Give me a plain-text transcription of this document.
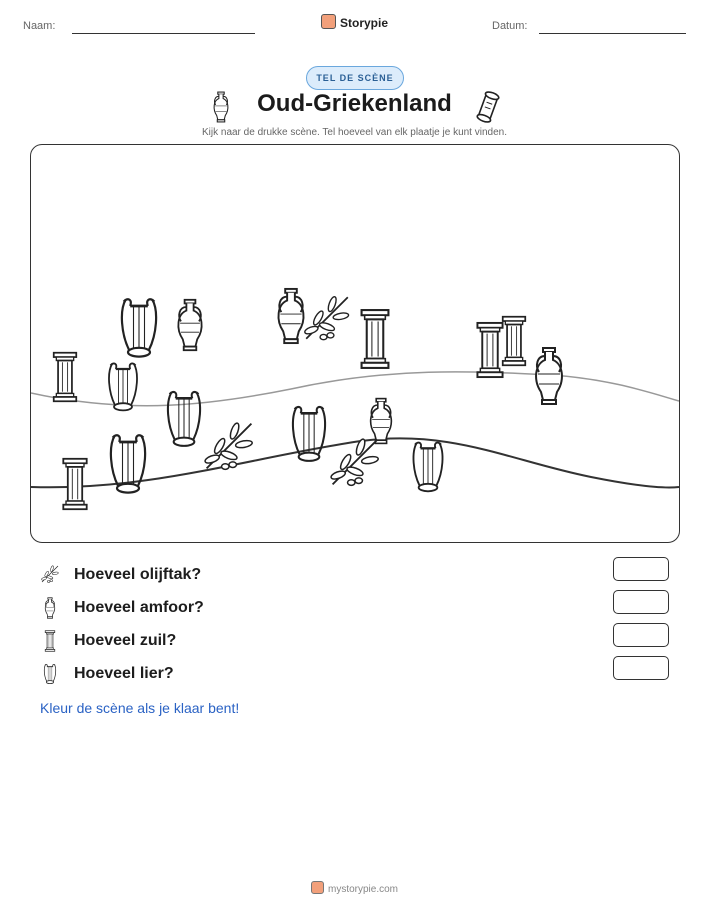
Naam:	Storypie	Datum:
TEL DE SCÈNE
Oud-Griekenland
Kijk naar de drukke scène. Tel hoeveel van elk plaatje je kunt vinden.
Hoeveel olijftak?
Hoeveel amfoor?
Hoeveel zuil?
Hoeveel lier?
Kleur de scène als je klaar bent!
mystorypie.com
